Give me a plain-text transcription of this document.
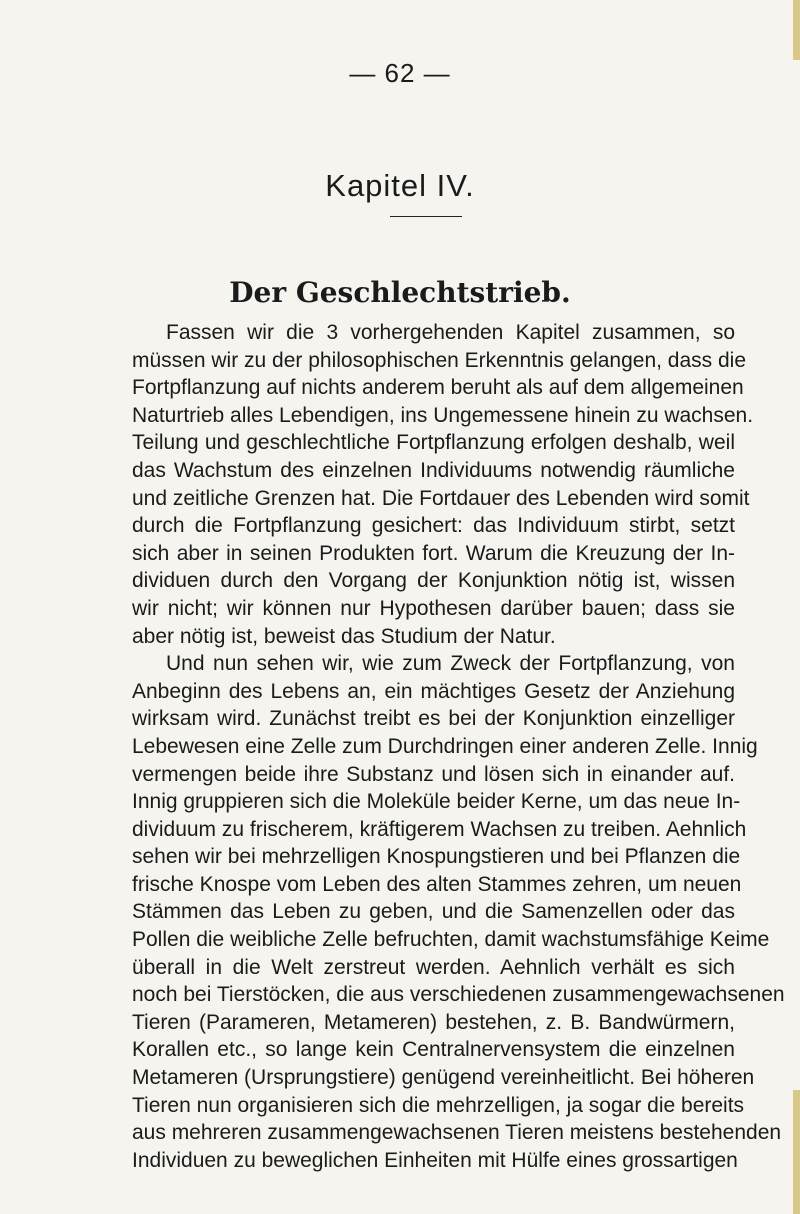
— 62 —
Kapitel IV.
Der Geschlechtstrieb.
Fassen wir die 3 vorhergehenden Kapitel zusammen, so
müssen wir zu der philosophischen Erkenntnis gelangen, dass die
Fortpflanzung auf nichts anderem beruht als auf dem allgemeinen
Naturtrieb alles Lebendigen, ins Ungemessene hinein zu wachsen.
Teilung und geschlechtliche Fortpflanzung erfolgen deshalb, weil
das Wachstum des einzelnen Individuums notwendig räumliche
und zeitliche Grenzen hat. Die Fortdauer des Lebenden wird somit
durch die Fortpflanzung gesichert: das Individuum stirbt, setzt
sich aber in seinen Produkten fort. Warum die Kreuzung der In-
dividuen durch den Vorgang der Konjunktion nötig ist, wissen
wir nicht; wir können nur Hypothesen darüber bauen; dass sie
aber nötig ist, beweist das Studium der Natur.
Und nun sehen wir, wie zum Zweck der Fortpflanzung, von
Anbeginn des Lebens an, ein mächtiges Gesetz der Anziehung
wirksam wird. Zunächst treibt es bei der Konjunktion einzelliger
Lebewesen eine Zelle zum Durchdringen einer anderen Zelle. Innig
vermengen beide ihre Substanz und lösen sich in einander auf.
Innig gruppieren sich die Moleküle beider Kerne, um das neue In-
dividuum zu frischerem, kräftigerem Wachsen zu treiben. Aehnlich
sehen wir bei mehrzelligen Knospungstieren und bei Pflanzen die
frische Knospe vom Leben des alten Stammes zehren, um neuen
Stämmen das Leben zu geben, und die Samenzellen oder das
Pollen die weibliche Zelle befruchten, damit wachstumsfähige Keime
überall in die Welt zerstreut werden. Aehnlich verhält es sich
noch bei Tierstöcken, die aus verschiedenen zusammengewachsenen
Tieren (Parameren, Metameren) bestehen, z. B. Bandwürmern,
Korallen etc., so lange kein Centralnervensystem die einzelnen
Metameren (Ursprungstiere) genügend vereinheitlicht. Bei höheren
Tieren nun organisieren sich die mehrzelligen, ja sogar die bereits
aus mehreren zusammengewachsenen Tieren meistens bestehenden
Individuen zu beweglichen Einheiten mit Hülfe eines grossartigen
